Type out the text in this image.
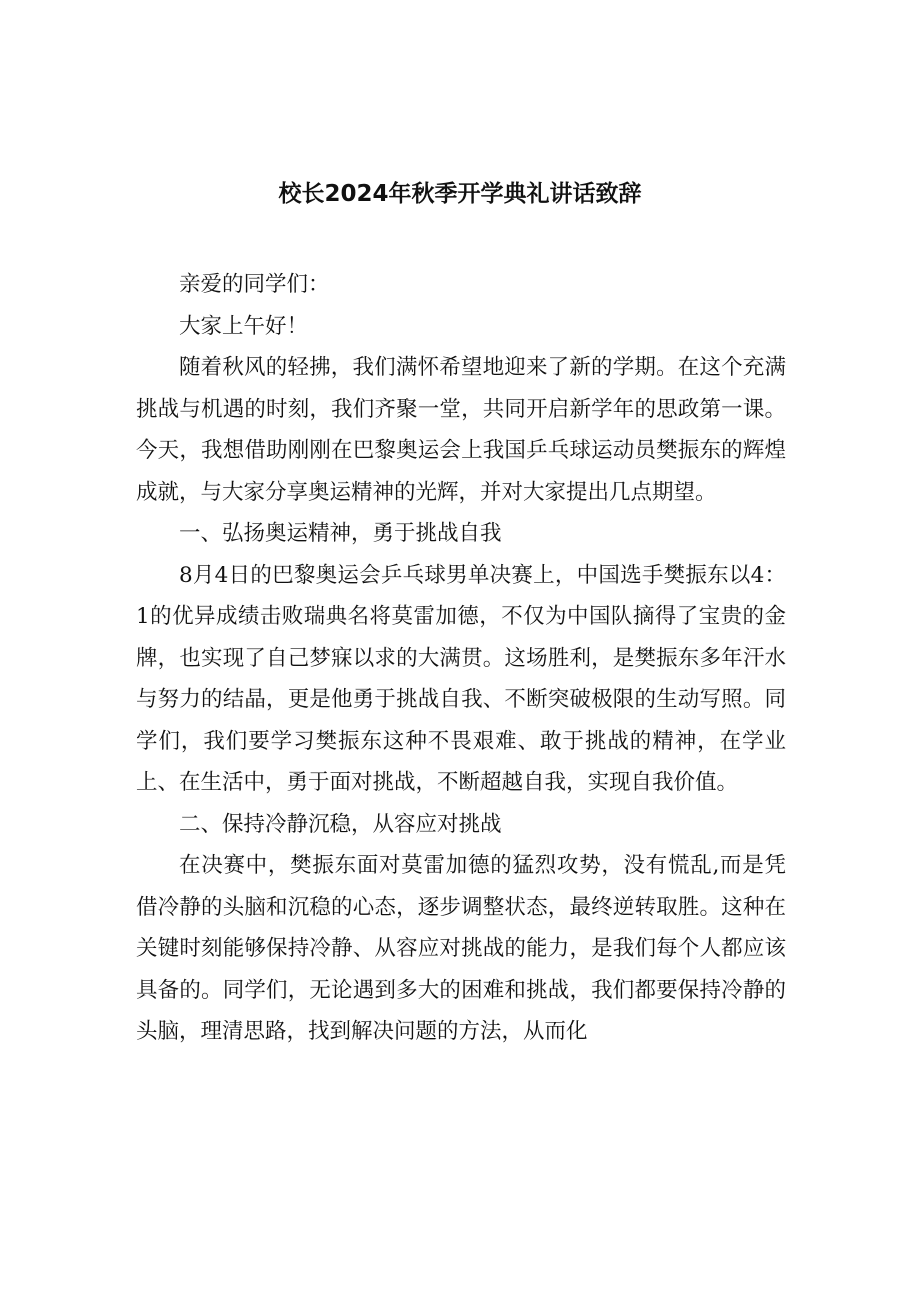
校长2024年秋季开学典礼讲话致辞

亲爱的同学们：

大家上午好！

随着秋风的轻拂，我们满怀希望地迎来了新的学期。在这个充满挑战与机遇的时刻，我们齐聚一堂，共同开启新学年的思政第一课。今天，我想借助刚刚在巴黎奥运会上我国乒乓球运动员樊振东的辉煌成就，与大家分享奥运精神的光辉，并对大家提出几点期望。

一、弘扬奥运精神，勇于挑战自我

8月4日的巴黎奥运会乒乓球男单决赛上，中国选手樊振东以4：1的优异成绩击败瑞典名将莫雷加德，不仅为中国队摘得了宝贵的金牌，也实现了自己梦寐以求的大满贯。这场胜利，是樊振东多年汗水与努力的结晶，更是他勇于挑战自我、不断突破极限的生动写照。同学们，我们要学习樊振东这种不畏艰难、敢于挑战的精神，在学业上、在生活中，勇于面对挑战，不断超越自我，实现自我价值。

二、保持冷静沉稳，从容应对挑战

在决赛中，樊振东面对莫雷加德的猛烈攻势，没有慌乱,而是凭借冷静的头脑和沉稳的心态，逐步调整状态，最终逆转取胜。这种在关键时刻能够保持冷静、从容应对挑战的能力，是我们每个人都应该具备的。同学们，无论遇到多大的困难和挑战，我们都要保持冷静的头脑，理清思路，找到解决问题的方法，从而化
